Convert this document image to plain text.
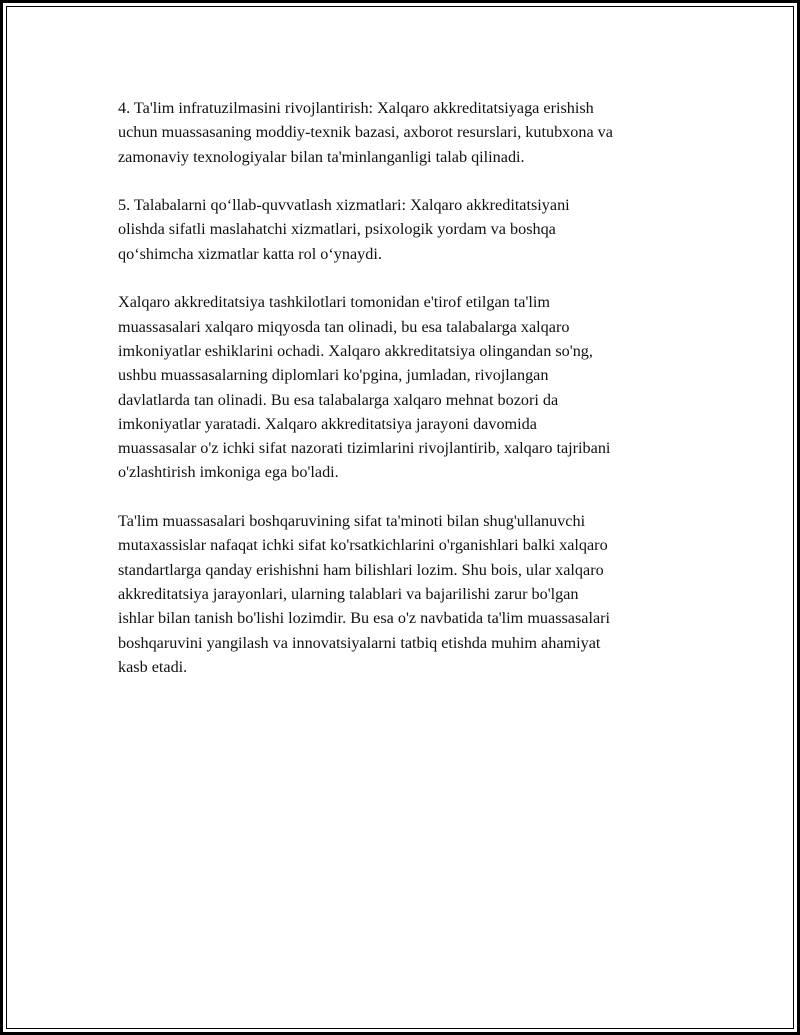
4. Ta'lim infratuzilmasini rivojlantirish: Xalqaro akkreditatsiyaga erishish
uchun muassasaning moddiy-texnik bazasi, axborot resurslari, kutubxona va
zamonaviy texnologiyalar bilan ta'minlanganligi talab qilinadi.

5. Talabalarni qo‘llab-quvvatlash xizmatlari: Xalqaro akkreditatsiyani
olishda sifatli maslahatchi xizmatlari, psixologik yordam va boshqa
qo‘shimcha xizmatlar katta rol o‘ynaydi.

Xalqaro akkreditatsiya tashkilotlari tomonidan e'tirof etilgan ta'lim
muassasalari xalqaro miqyosda tan olinadi, bu esa talabalarga xalqaro
imkoniyatlar eshiklarini ochadi. Xalqaro akkreditatsiya olingandan so'ng,
ushbu muassasalarning diplomlari ko'pgina, jumladan, rivojlangan
davlatlarda tan olinadi. Bu esa talabalarga xalqaro mehnat bozori da
imkoniyatlar yaratadi. Xalqaro akkreditatsiya jarayoni davomida
muassasalar o'z ichki sifat nazorati tizimlarini rivojlantirib, xalqaro tajribani
o'zlashtirish imkoniga ega bo'ladi.

Ta'lim muassasalari boshqaruvining sifat ta'minoti bilan shug'ullanuvchi
mutaxassislar nafaqat ichki sifat ko'rsatkichlarini o'rganishlari balki xalqaro
standartlarga qanday erishishni ham bilishlari lozim. Shu bois, ular xalqaro
akkreditatsiya jarayonlari, ularning talablari va bajarilishi zarur bo'lgan
ishlar bilan tanish bo'lishi lozimdir. Bu esa o'z navbatida ta'lim muassasalari
boshqaruvini yangilash va innovatsiyalarni tatbiq etishda muhim ahamiyat
kasb etadi.
